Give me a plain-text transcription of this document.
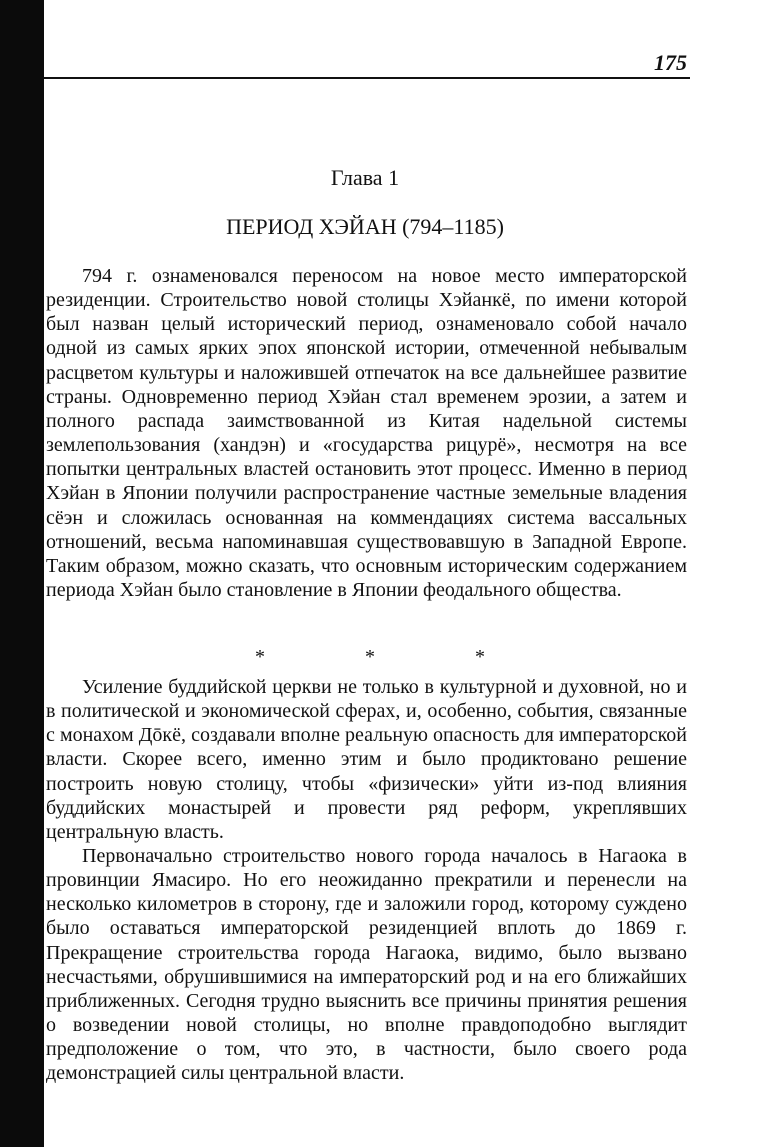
175
Глава 1
ПЕРИОД ХЭЙАН (794–1185)

794 г. ознаменовался переносом на новое место императорской резиденции. Строительство новой столицы Хэйанкё, по имени которой был назван целый исторический период, ознаменовало собой начало одной из самых ярких эпох японской истории, отмеченной небывалым расцветом культуры и наложившей отпечаток на все дальнейшее развитие страны. Одновременно период Хэйан стал временем эрозии, а затем и полного распада заимствованной из Китая надельной системы землепользования (хандэн) и «государства рицурё», несмотря на все попытки центральных властей остановить этот процесс. Именно в период Хэйан в Японии получили распространение частные земельные владения сёэн и сложилась основанная на коммендациях система вассальных отношений, весьма напоминавшая существовавшую в Западной Европе. Таким образом, можно сказать, что основным историческим содержанием периода Хэйан было становление в Японии феодального общества.

*	*	*

Усиление буддийской церкви не только в культурной и духовной, но и в политической и экономической сферах, и, особенно, события, связанные с монахом Дōкё, создавали вполне реальную опасность для императорской власти. Скорее всего, именно этим и было продиктовано решение построить новую столицу, чтобы «физически» уйти из-под влияния буддийских монастырей и провести ряд реформ, укреплявших центральную власть.

Первоначально строительство нового города началось в Нагаока в провинции Ямасиро. Но его неожиданно прекратили и перенесли на несколько километров в сторону, где и заложили город, которому суждено было оставаться императорской резиденцией вплоть до 1869 г. Прекращение строительства города Нагаока, видимо, было вызвано несчастьями, обрушившимися на императорский род и на его ближайших приближенных. Сегодня трудно выяснить все причины принятия решения о возведении новой столицы, но вполне правдоподобно выглядит предположение о том, что это, в частности, было своего рода демонстрацией силы центральной власти.
